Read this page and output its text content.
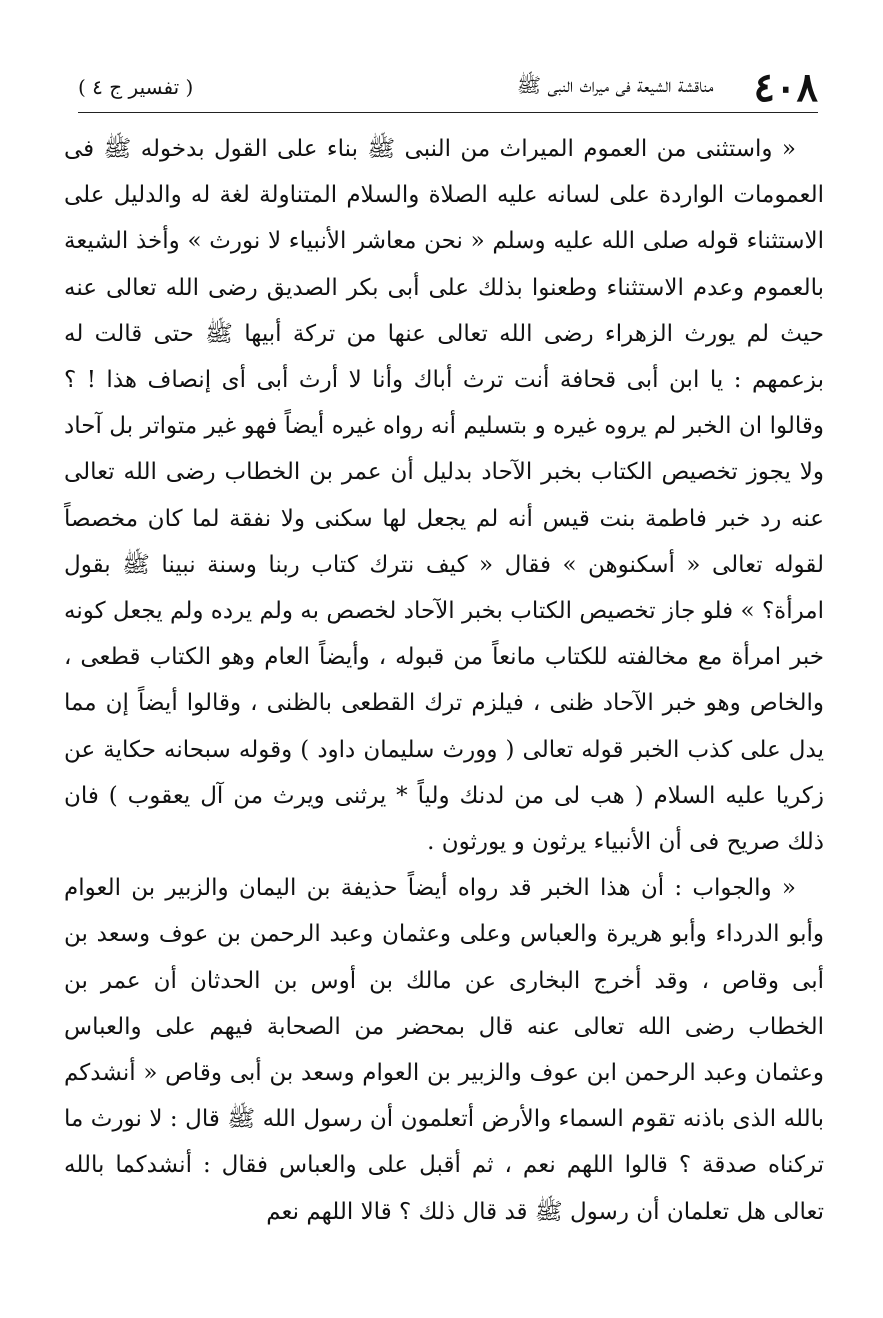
٤٠٨
مناقشة الشيعة فى ميراث النبى ﷺ
( تفسير ج ٤ )

« واستثنى من العموم الميراث من النبى ﷺ بناء على القول بدخوله ﷺ فى العمومات الواردة على لسانه عليه الصلاة والسلام المتناولة لغة له والدليل على الاستثناء قوله صلى الله عليه وسلم « نحن معاشر الأنبياء لا نورث » وأخذ الشيعة بالعموم وعدم الاستثناء وطعنوا بذلك على أبى بكر الصديق رضى الله تعالى عنه حيث لم يورث الزهراء رضى الله تعالى عنها من تركة أبيها ﷺ حتى قالت له بزعمهم : يا ابن أبى قحافة أنت ترث أباك وأنا لا أرث أبى أى إنصاف هذا ! ؟ وقالوا ان الخبر لم يروه غيره و بتسليم أنه رواه غيره أيضاً فهو غير متواتر بل آحاد ولا يجوز تخصيص الكتاب بخبر الآحاد بدليل أن عمر بن الخطاب رضى الله تعالى عنه رد خبر فاطمة بنت قيس أنه لم يجعل لها سكنى ولا نفقة لما كان مخصصاً لقوله تعالى « أسكنوهن » فقال « كيف نترك كتاب ربنا وسنة نبينا ﷺ بقول امرأة؟ » فلو جاز تخصيص الكتاب بخبر الآحاد لخصص به ولم يرده ولم يجعل كونه خبر امرأة مع مخالفته للكتاب مانعاً من قبوله ، وأيضاً العام وهو الكتاب قطعى ، والخاص وهو خبر الآحاد ظنى ، فيلزم ترك القطعى بالظنى ، وقالوا أيضاً إن مما يدل على كذب الخبر قوله تعالى ( وورث سليمان داود ) وقوله سبحانه حكاية عن زكريا عليه السلام ( هب لى من لدنك ولياً * يرثنى ويرث من آل يعقوب ) فان ذلك صريح فى أن الأنبياء يرثون و يورثون .

« والجواب : أن هذا الخبر قد رواه أيضاً حذيفة بن اليمان والزبير بن العوام وأبو الدرداء وأبو هريرة والعباس وعلى وعثمان وعبد الرحمن بن عوف وسعد بن أبى وقاص ، وقد أخرج البخارى عن مالك بن أوس بن الحدثان أن عمر بن الخطاب رضى الله تعالى عنه قال بمحضر من الصحابة فيهم على والعباس وعثمان وعبد الرحمن ابن عوف والزبير بن العوام وسعد بن أبى وقاص « أنشدكم بالله الذى باذنه تقوم السماء والأرض أتعلمون أن رسول الله ﷺ قال : لا نورث ما تركناه صدقة ؟ قالوا اللهم نعم ، ثم أقبل على والعباس فقال : أنشدكما بالله تعالى هل تعلمان أن رسول ﷺ قد قال ذلك ؟ قالا اللهم نعم
